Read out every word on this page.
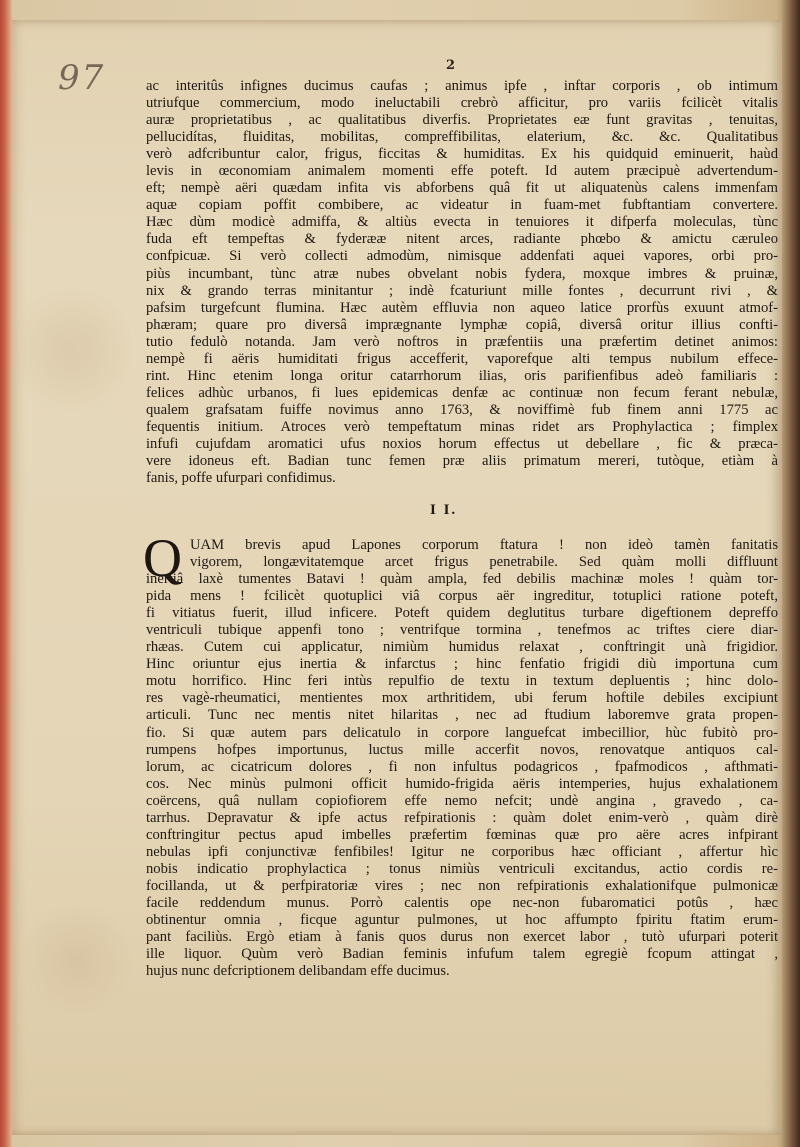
97	2
ac interitûs infignes ducimus caufas ; animus ipfe , inftar corporis , ob intimum
utriufque commercium, modo ineluctabili crebrò afficitur, pro variis fcilicèt vitalis
auræ proprietatibus , ac qualitatibus diverfis. Proprietates eæ funt gravitas , tenuitas,
pellucidítas, fluiditas, mobilitas, compreffibilitas, elaterium, &c. &c. Qualitatibus
verò adfcribuntur calor, frigus, ficcitas & humiditas. Ex his quidquid eminuerit, haùd
levis in œconomiam animalem momenti effe poteft. Id autem præcipuè advertendum-
eft; nempè aëri quædam infita vis abforbens quâ fit ut aliquatenùs calens immenfam
aquæ copiam poffit combibere, ac videatur in fuam-met fubftantiam convertere.
Hæc dùm modicè admiffa, & altiùs evecta in tenuiores it difperfa moleculas, tùnc
fuda eft tempeftas & fyderææ nitent arces, radiante phœbo & amictu cæruleo
confpicuæ. Si verò collecti admodùm, nimisque addenfati aquei vapores, orbi pro-
piùs incumbant, tùnc atræ nubes obvelant nobis fydera, moxque imbres & pruinæ,
nix & grando terras minitantur ; indè fcaturiunt mille fontes , decurrunt rivi , &
pafsim turgefcunt flumina. Hæc autèm effluvia non aqueo latice prorfùs exuunt atmof-
phæram; quare pro diversâ imprægnante lymphæ copiâ, diversâ oritur illius confti-
tutio fedulò notanda. Jam verò noftros in præfentiis una præfertim detinet animos:
nempè fi aëris humiditati frigus accefferit, vaporefque alti tempus nubilum effece-
rint. Hinc etenim longa oritur catarrhorum ilias, oris parifienfibus adeò familiaris :
felices adhùc urbanos, fi lues epidemicas denfæ ac continuæ non fecum ferant nebulæ,
qualem grafsatam fuiffe novimus anno 1763, & noviffimè fub finem anni 1775 ac
fequentis initium. Atroces verò tempeftatum minas ridet ars Prophylactica ; fimplex
infufi cujufdam aromatici ufus noxios horum effectus ut debellare , fic & præca-
vere idoneus eft. Badian tunc femen præ aliis primatum mereri, tutòque, etiàm à
fanis, poffe ufurpari confidimus.
I I.
Q UAM brevis apud Lapones corporum ftatura ! non ideò tamèn fanitatis
vigorem, longævitatemque arcet frigus penetrabile. Sed quàm molli diffluunt
inertiâ laxè tumentes Batavi ! quàm ampla, fed debilis machinæ moles ! quàm tor-
pida mens ! fcilicèt quotuplici viâ corpus aër ingreditur, totuplici ratione poteft,
fi vitiatus fuerit, illud inficere. Poteft quidem deglutitus turbare digeftionem depreffo
ventriculi tubique appenfi tono ; ventrifque tormina , tenefmos ac triftes ciere diar-
rhæas. Cutem cui applicatur, nimiùm humidus relaxat , conftringit unà frigidior.
Hinc oriuntur ejus inertia & infarctus ; hinc fenfatio frigidi diù importuna cum
motu horrifico. Hinc feri intùs repulfio de textu in textum depluentis ; hinc dolo-
res vagè-rheumatici, mentientes mox arthritidem, ubi ferum hoftile debiles excipiunt
articuli. Tunc nec mentis nitet hilaritas , nec ad ftudium laboremve grata propen-
fio. Si quæ autem pars delicatulo in corpore languefcat imbecillior, hùc fubitò pro-
rumpens hofpes importunus, luctus mille accerfit novos, renovatque antiquos cal-
lorum, ac cicatricum dolores , fi non infultus podagricos , fpafmodicos , afthmati-
cos. Nec minùs pulmoni officit humido-frigida aëris intemperies, hujus exhalationem
coërcens, quâ nullam copiofiorem effe nemo nefcit; undè angina , gravedo , ca-
tarrhus. Depravatur & ipfe actus refpirationis : quàm dolet enim-verò , quàm dirè
conftringitur pectus apud imbelles præfertim fœminas quæ pro aëre acres infpirant
nebulas ipfi conjunctivæ fenfibiles! Igitur ne corporibus hæc officiant , affertur hìc
nobis indicatio prophylactica ; tonus nimiùs ventriculi excitandus, actio cordis re-
focillanda, ut & perfpiratoriæ vires ; nec non refpirationis exhalationifque pulmonicæ
facile reddendum munus. Porrò calentis ope nec-non fubaromatici potûs , hæc
obtinentur omnia , ficque aguntur pulmones, ut hoc affumpto fpiritu ftatim erum-
pant faciliùs. Ergò etiam à fanis quos durus non exercet labor , tutò ufurpari poterit
ille liquor. Quùm verò Badian feminis infufum talem egregiè fcopum attingat ,
hujus nunc defcriptionem delibandam effe ducimus.
